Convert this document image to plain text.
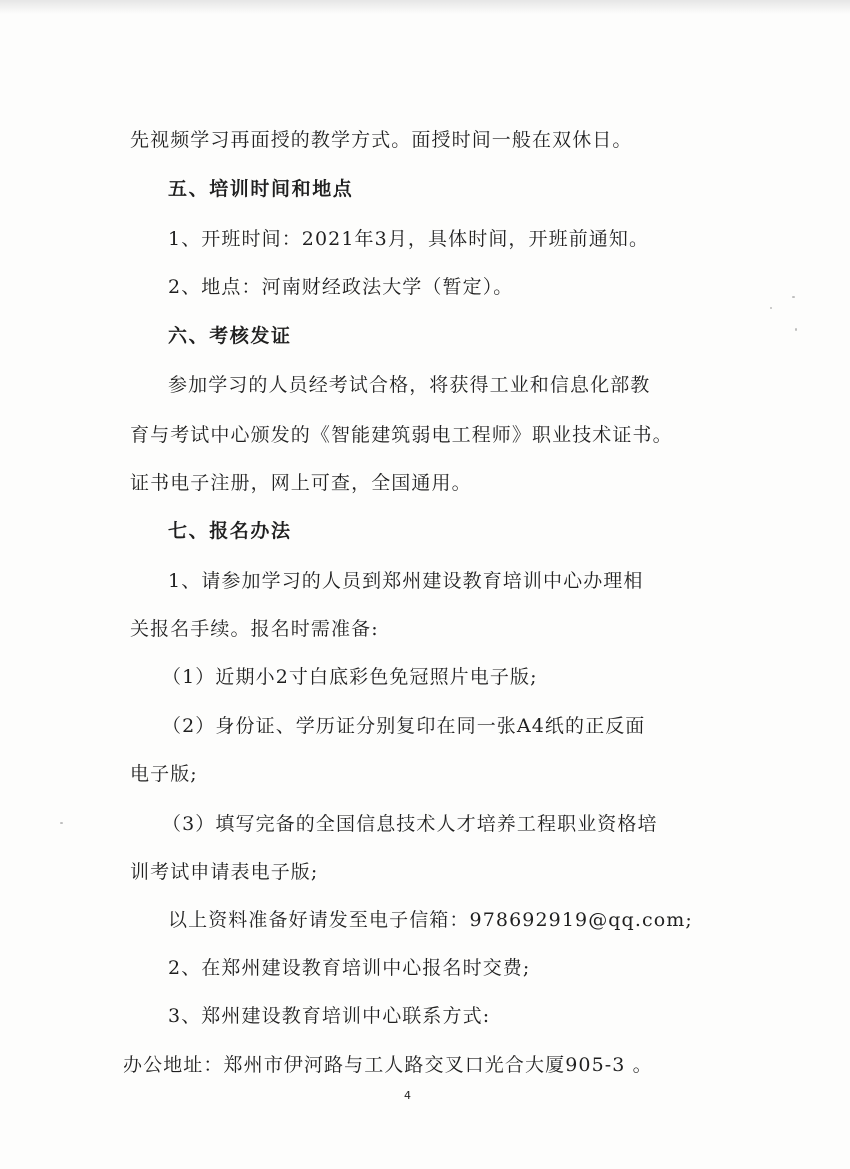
先视频学习再面授的教学方式。面授时间一般在双休日。
五、培训时间和地点
1、开班时间：2021年3月，具体时间，开班前通知。
2、地点：河南财经政法大学（暂定）。
六、考核发证
参加学习的人员经考试合格，将获得工业和信息化部教
育与考试中心颁发的《智能建筑弱电工程师》职业技术证书。
证书电子注册，网上可查，全国通用。
七、报名办法
1、请参加学习的人员到郑州建设教育培训中心办理相
关报名手续。报名时需准备:
（1）近期小2寸白底彩色免冠照片电子版;
（2）身份证、学历证分别复印在同一张A4纸的正反面
电子版;
（3）填写完备的全国信息技术人才培养工程职业资格培
训考试申请表电子版;
以上资料准备好请发至电子信箱：978692919@qq.com;
2、在郑州建设教育培训中心报名时交费;
3、郑州建设教育培训中心联系方式:
办公地址：郑州市伊河路与工人路交叉口光合大厦905-3 。
4
